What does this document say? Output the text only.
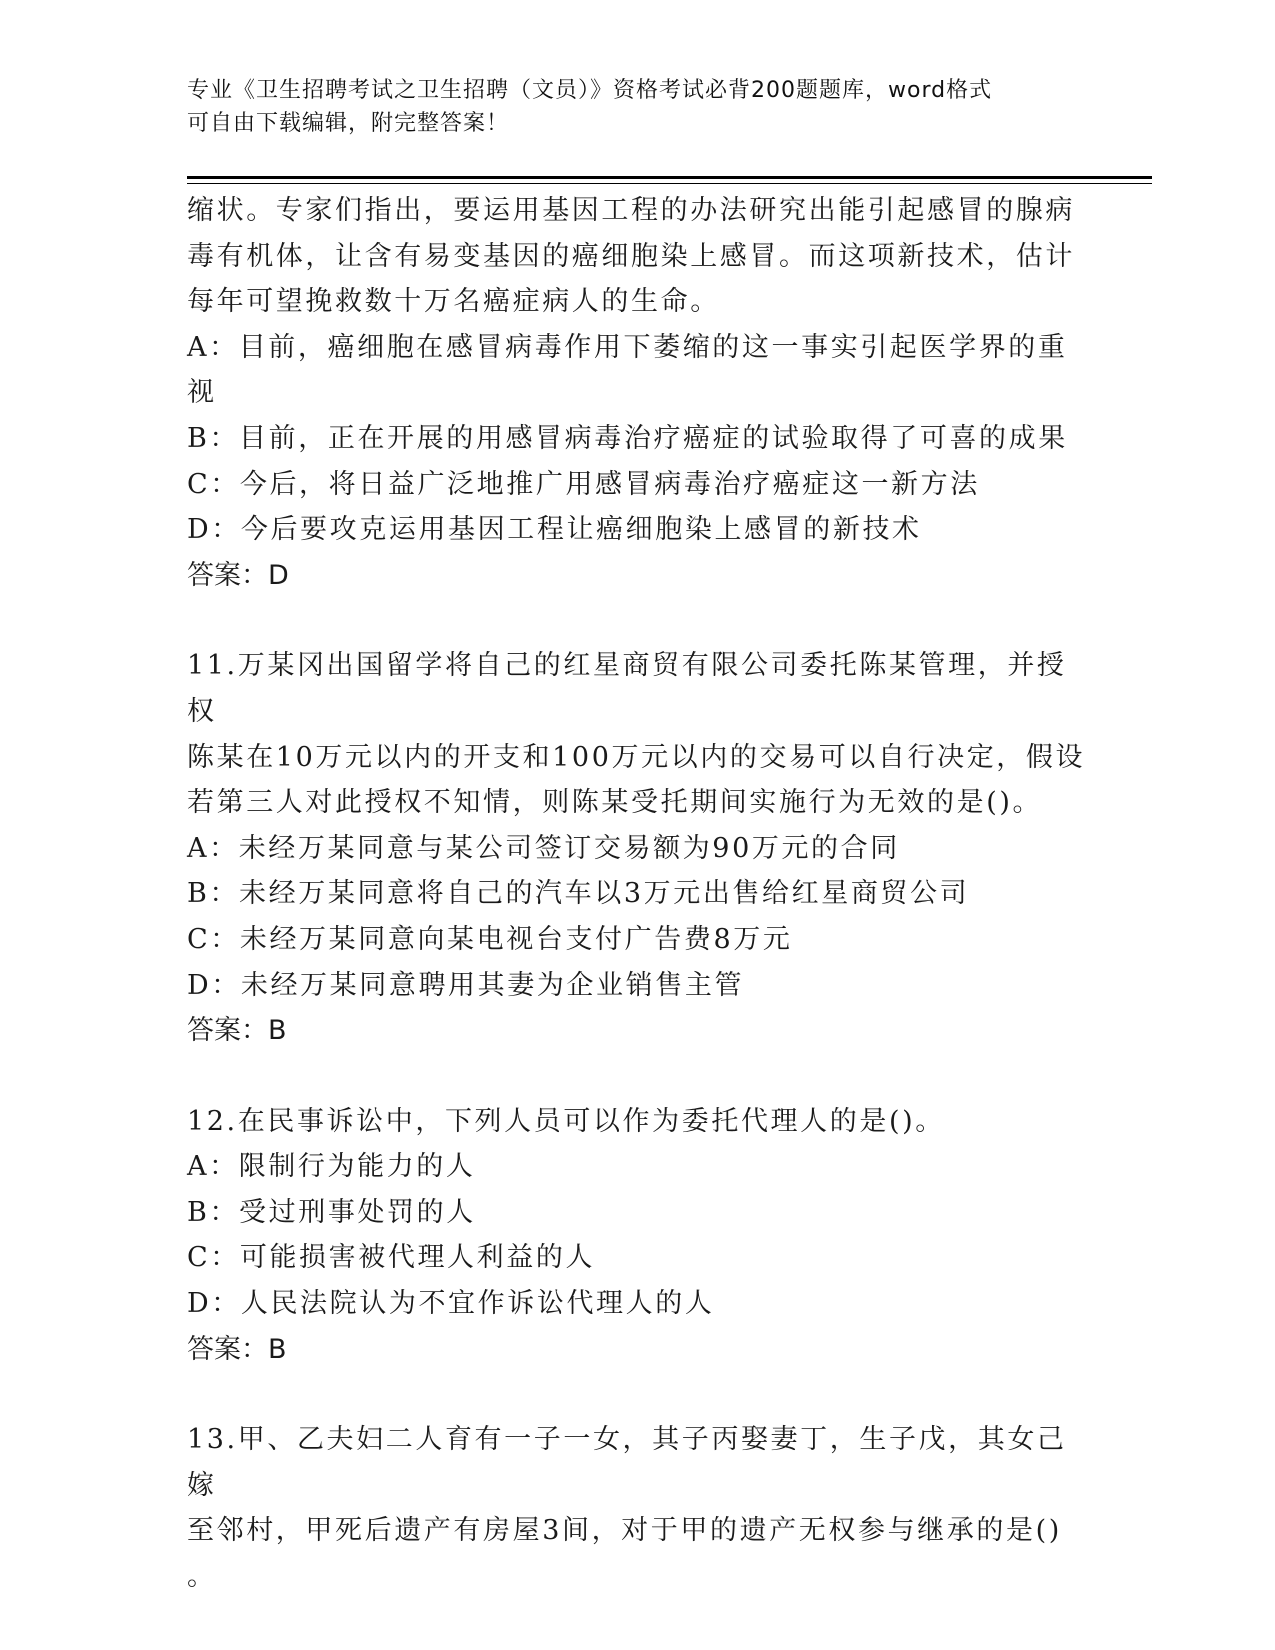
专业《卫生招聘考试之卫生招聘（文员）》资格考试必背200题题库，word格式
可自由下载编辑，附完整答案！

缩状。专家们指出，要运用基因工程的办法研究出能引起感冒的腺病

毒有机体，让含有易变基因的癌细胞染上感冒。而这项新技术，估计

每年可望挽救数十万名癌症病人的生命。

A：目前，癌细胞在感冒病毒作用下萎缩的这一事实引起医学界的重视

B：目前，正在开展的用感冒病毒治疗癌症的试验取得了可喜的成果

C：今后，将日益广泛地推广用感冒病毒治疗癌症这一新方法

D：今后要攻克运用基因工程让癌细胞染上感冒的新技术

答案：D

11.万某冈出国留学将自己的红星商贸有限公司委托陈某管理，并授权

陈某在10万元以内的开支和100万元以内的交易可以自行决定，假设

若第三人对此授权不知情，则陈某受托期间实施行为无效的是()。

A：未经万某同意与某公司签订交易额为90万元的合同

B：未经万某同意将自己的汽车以3万元出售给红星商贸公司

C：未经万某同意向某电视台支付广告费8万元

D：未经万某同意聘用其妻为企业销售主管

答案：B

12.在民事诉讼中，下列人员可以作为委托代理人的是()。

A：限制行为能力的人

B：受过刑事处罚的人

C：可能损害被代理人利益的人

D：人民法院认为不宜作诉讼代理人的人

答案：B

13.甲、乙夫妇二人育有一子一女，其子丙娶妻丁，生子戊，其女己嫁

至邻村，甲死后遗产有房屋3间，对于甲的遗产无权参与继承的是()

。
